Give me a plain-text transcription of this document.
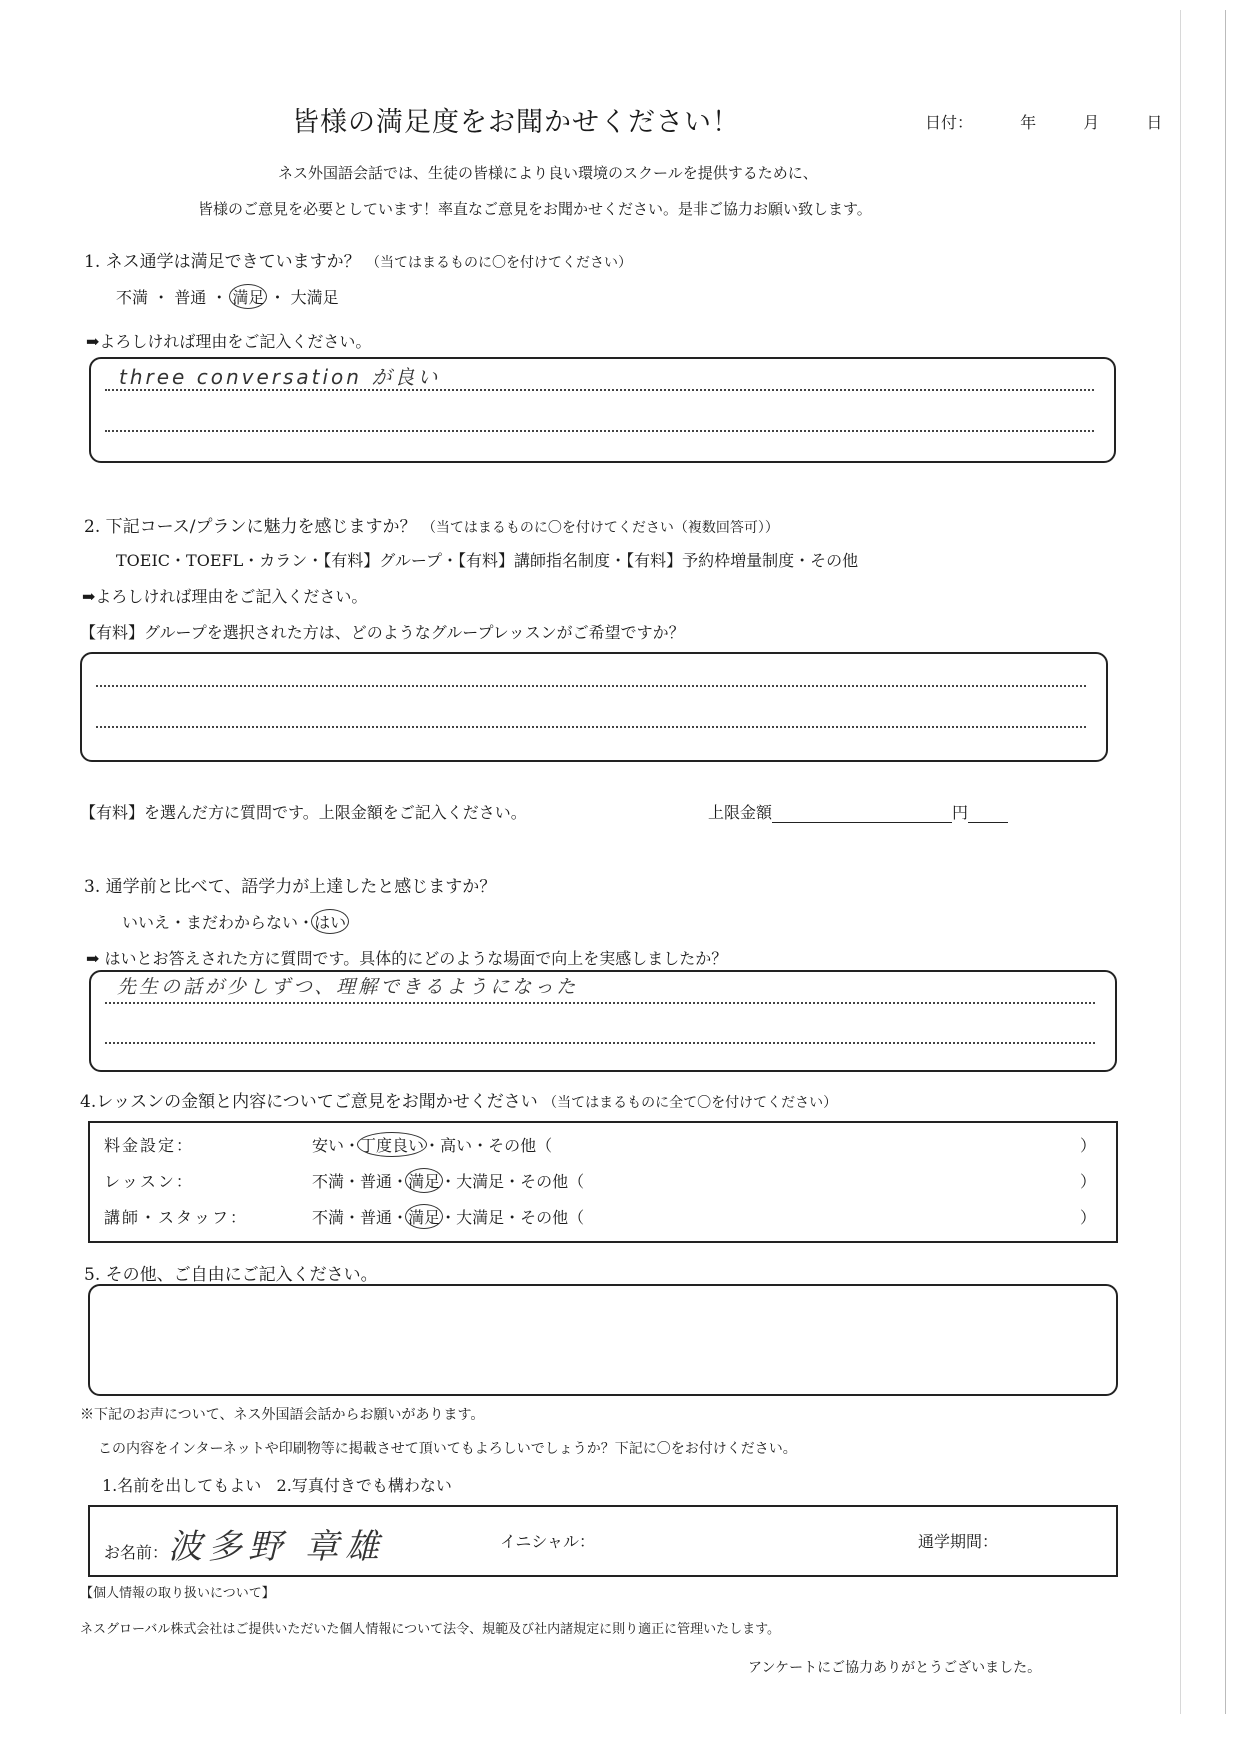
皆様の満足度をお聞かせください！	日付：	年	月	日
ネス外国語会話では、生徒の皆様により良い環境のスクールを提供するために、
皆様のご意見を必要としています！率直なご意見をお聞かせください。是非ご協力お願い致します。
1. ネス通学は満足できていますか？ （当てはまるものに〇を付けてください）
不満 ・ 普通 ・ 満足 ・ 大満足
➡よろしければ理由をご記入ください。
three conversation が良い
2. 下記コース/プランに魅力を感じますか？ （当てはまるものに〇を付けてください（複数回答可））
TOEIC・TOEFL・カラン・【有料】グループ・【有料】講師指名制度・【有料】予約枠増量制度・その他
➡よろしければ理由をご記入ください。
【有料】グループを選択された方は、どのようなグループレッスンがご希望ですか？
【有料】を選んだ方に質問です。上限金額をご記入ください。	上限金額	円
3. 通学前と比べて、語学力が上達したと感じますか？
いいえ・まだわからない・はい
➡ はいとお答えされた方に質問です。具体的にどのような場面で向上を実感しましたか？
先生の話が少しずつ、理解できるようになった
4.レッスンの金額と内容についてご意見をお聞かせください （当てはまるものに全て〇を付けてください）
料金設定：	安い・丁度良い・高い・その他（	）
レッスン：	不満・普通・満足・大満足・その他（	）
講師・スタッフ：	不満・普通・満足・大満足・その他（	）
5. その他、ご自由にご記入ください。
※下記のお声について、ネス外国語会話からお願いがあります。
この内容をインターネットや印刷物等に掲載させて頂いてもよろしいでしょうか？下記に〇をお付けください。
1.名前を出してもよい 2.写真付きでも構わない
お名前：波多野 章雄	イニシャル：	通学期間：
【個人情報の取り扱いについて】
ネスグローバル株式会社はご提供いただいた個人情報について法令、規範及び社内諸規定に則り適正に管理いたします。
アンケートにご協力ありがとうございました。
